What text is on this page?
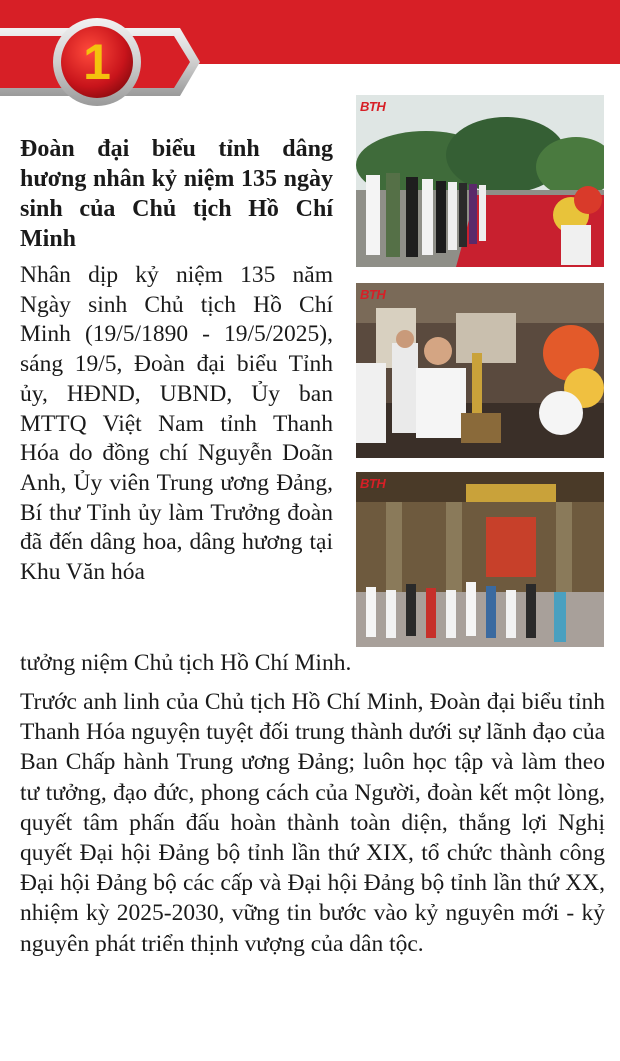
1
Đoàn đại biểu tỉnh dâng hương nhân kỷ niệm 135 ngày sinh của Chủ tịch Hồ Chí Minh

Nhân dịp kỷ niệm 135 năm Ngày sinh Chủ tịch Hồ Chí Minh (19/5/1890 - 19/5/2025), sáng 19/5, Đoàn đại biểu Tỉnh ủy, HĐND, UBND, Ủy ban MTTQ Việt Nam tỉnh Thanh Hóa do đồng chí Nguyễn Doãn Anh, Ủy viên Trung ương Đảng, Bí thư Tỉnh ủy làm Trưởng đoàn đã đến dâng hoa, dâng hương tại Khu Văn hóa

tưởng niệm Chủ tịch Hồ Chí Minh.

Trước anh linh của Chủ tịch Hồ Chí Minh, Đoàn đại biểu tỉnh Thanh Hóa nguyện tuyệt đối trung thành dưới sự lãnh đạo của Ban Chấp hành Trung ương Đảng; luôn học tập và làm theo tư tưởng, đạo đức, phong cách của Người, đoàn kết một lòng, quyết tâm phấn đấu hoàn thành toàn diện, thắng lợi Nghị quyết Đại hội Đảng bộ tỉnh lần thứ XIX, tổ chức thành công Đại hội Đảng bộ các cấp và Đại hội Đảng bộ tỉnh lần thứ XX, nhiệm kỳ 2025-2030, vững tin bước vào kỷ nguyên mới - kỷ nguyên phát triển thịnh vượng của dân tộc.

BTH
BTH
BTH
